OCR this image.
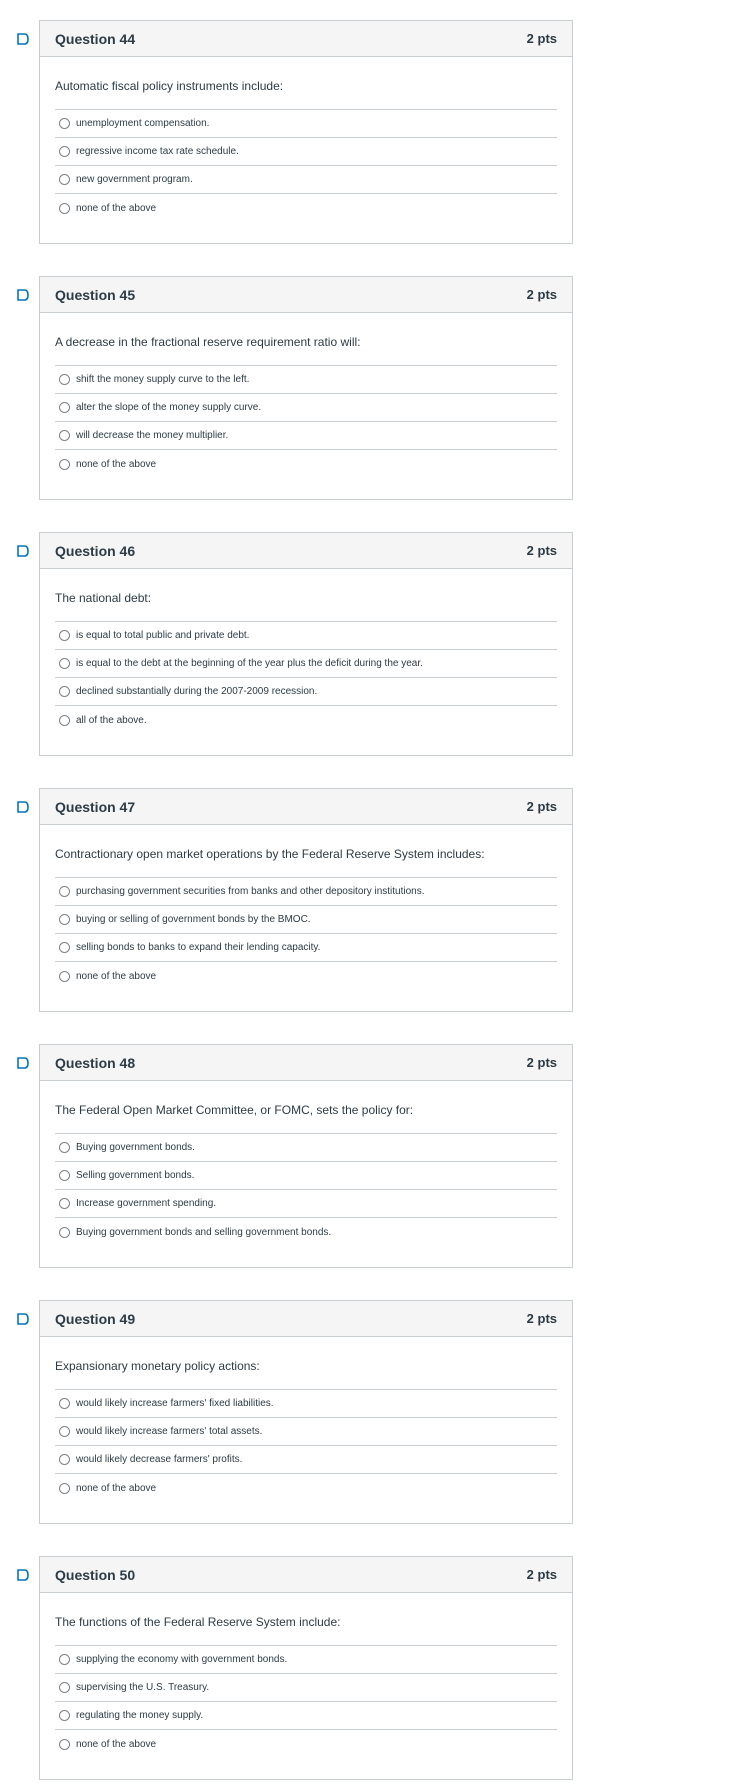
Question 44	2 pts
Automatic fiscal policy instruments include:
unemployment compensation.
regressive income tax rate schedule.
new government program.
none of the above
Question 45	2 pts
A decrease in the fractional reserve requirement ratio will:
shift the money supply curve to the left.
alter the slope of the money supply curve.
will decrease the money multiplier.
none of the above
Question 46	2 pts
The national debt:
is equal to total public and private debt.
is equal to the debt at the beginning of the year plus the deficit during the year.
declined substantially during the 2007-2009 recession.
all of the above.
Question 47	2 pts
Contractionary open market operations by the Federal Reserve System includes:
purchasing government securities from banks and other depository institutions.
buying or selling of government bonds by the BMOC.
selling bonds to banks to expand their lending capacity.
none of the above
Question 48	2 pts
The Federal Open Market Committee, or FOMC, sets the policy for:
Buying government bonds.
Selling government bonds.
Increase government spending.
Buying government bonds and selling government bonds.
Question 49	2 pts
Expansionary monetary policy actions:
would likely increase farmers' fixed liabilities.
would likely increase farmers' total assets.
would likely decrease farmers' profits.
none of the above
Question 50	2 pts
The functions of the Federal Reserve System include:
supplying the economy with government bonds.
supervising the U.S. Treasury.
regulating the money supply.
none of the above
